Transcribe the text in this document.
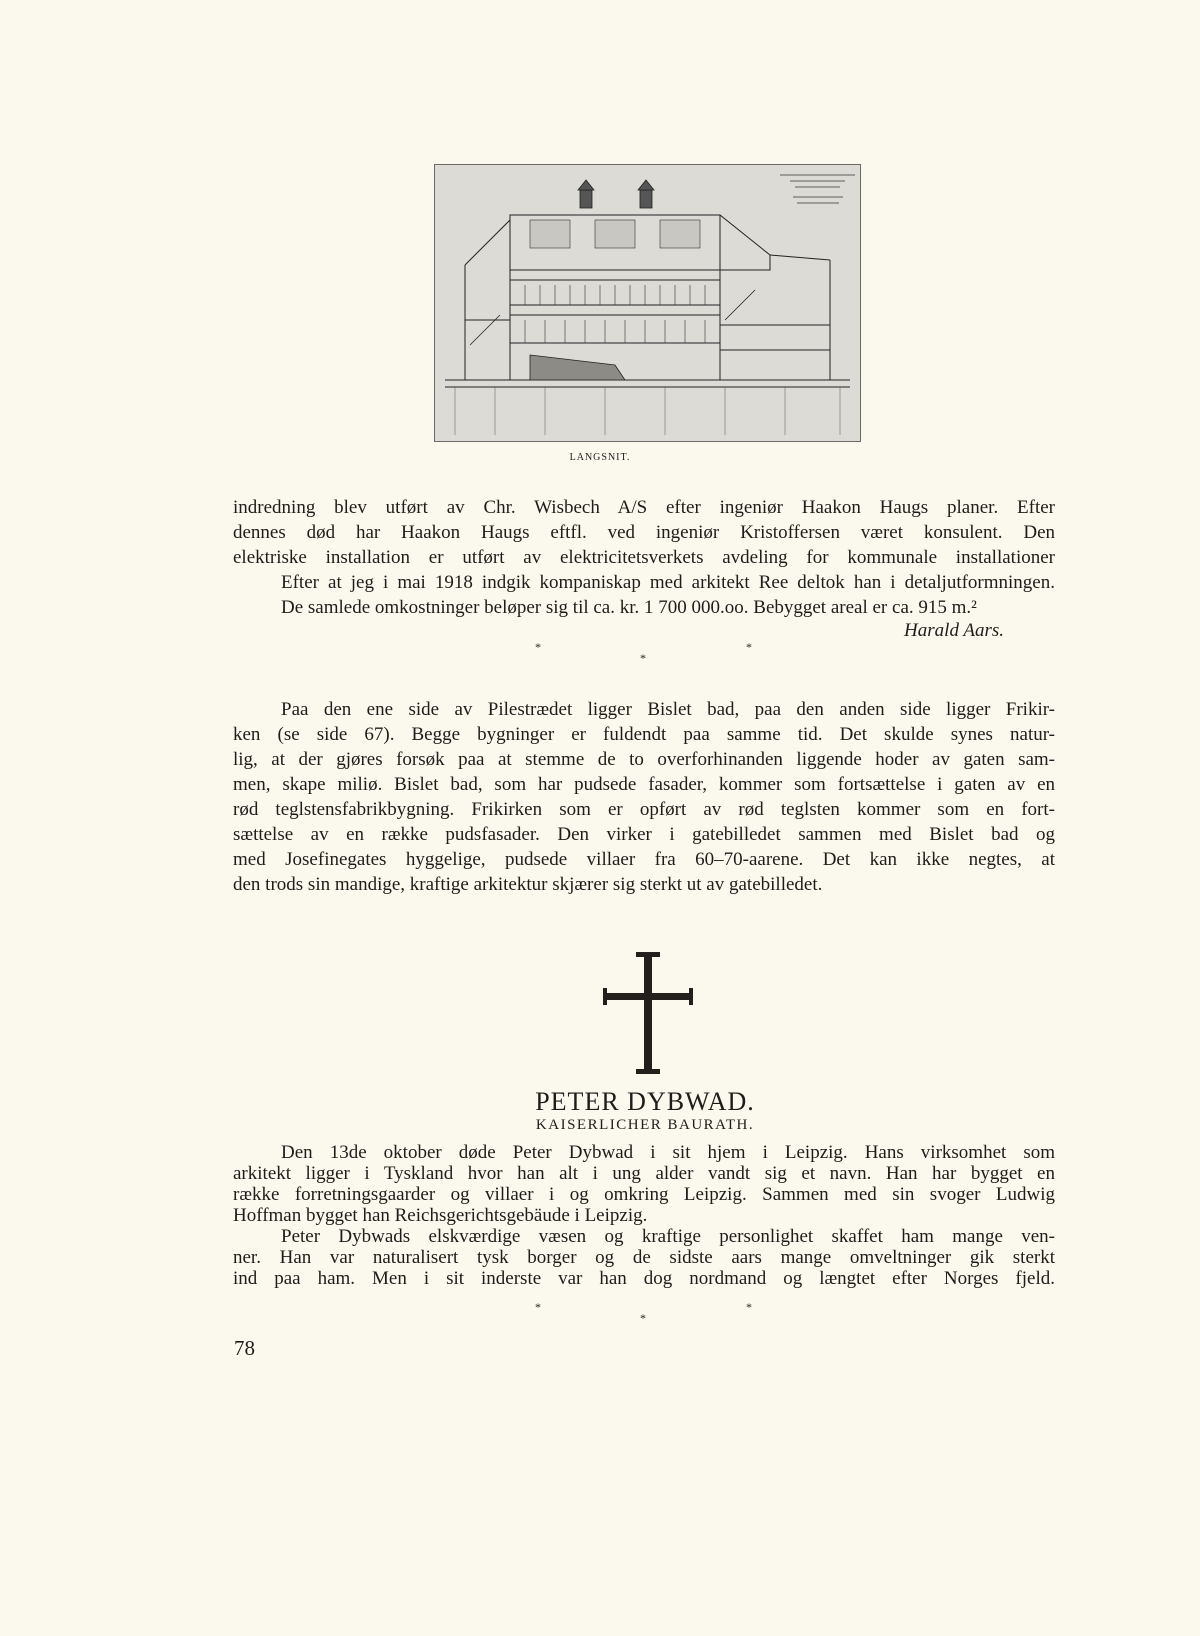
LANGSNIT.

indredning blev utført av Chr. Wisbech A/S efter ingeniør Haakon Haugs planer. Efter
dennes død har Haakon Haugs eftfl. ved ingeniør Kristoffersen været konsulent. Den
elektriske installation er utført av elektricitetsverkets avdeling for kommunale installationer
Efter at jeg i mai 1918 indgik kompaniskap med arkitekt Ree deltok han i detaljutformningen.
De samlede omkostninger beløper sig til ca. kr. 1 700 000.oo. Bebygget areal er ca. 915 m.²

Harald Aars.
*
*
*

Paa den ene side av Pilestrædet ligger Bislet bad, paa den anden side ligger Frikir-
ken (se side 67). Begge bygninger er fuldendt paa samme tid. Det skulde synes natur-
lig, at der gjøres forsøk paa at stemme de to overforhinanden liggende hoder av gaten sam-
men, skape miliø. Bislet bad, som har pudsede fasader, kommer som fortsættelse i gaten av en
rød teglstensfabrikbygning. Frikirken som er opført av rød teglsten kommer som en fort-
sættelse av en række pudsfasader. Den virker i gatebilledet sammen med Bislet bad og
med Josefinegates hyggelige, pudsede villaer fra 60–70-aarene. Det kan ikke negtes, at
den trods sin mandige, kraftige arkitektur skjærer sig sterkt ut av gatebilledet.

PETER DYBWAD.
KAISERLICHER BAURATH.

Den 13de oktober døde Peter Dybwad i sit hjem i Leipzig. Hans virksomhet som
arkitekt ligger i Tyskland hvor han alt i ung alder vandt sig et navn. Han har bygget en
række forretningsgaarder og villaer i og omkring Leipzig. Sammen med sin svoger Ludwig
Hoffman bygget han Reichsgerichtsgebäude i Leipzig.
Peter Dybwads elskværdige væsen og kraftige personlighet skaffet ham mange ven-
ner. Han var naturalisert tysk borger og de sidste aars mange omveltninger gik sterkt
ind paa ham. Men i sit inderste var han dog nordmand og længtet efter Norges fjeld.

*
*
*
78
